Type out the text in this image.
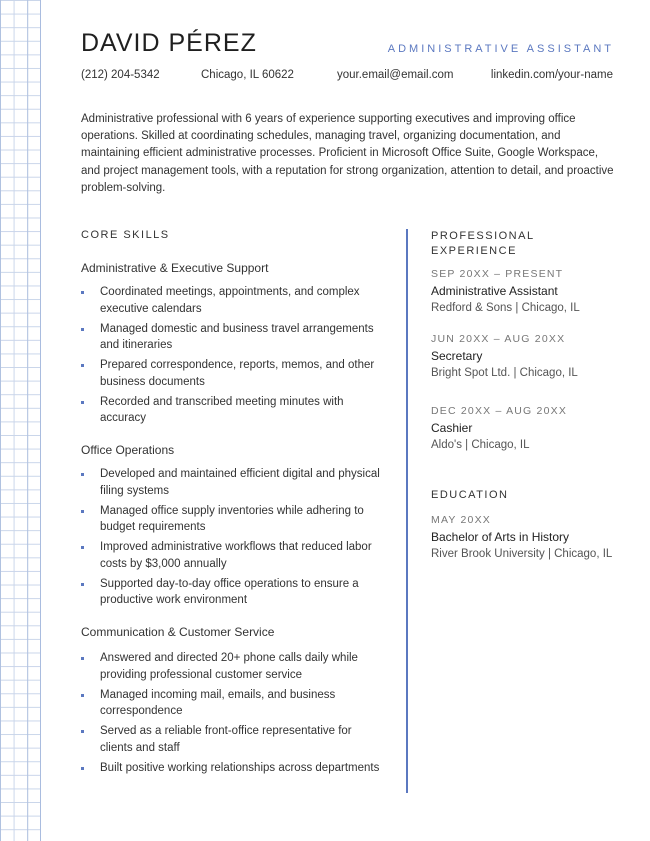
DAVID PÉREZ	ADMINISTRATIVE ASSISTANT
(212) 204-5342	Chicago, IL 60622	your.email@email.com	linkedin.com/your-name

Administrative professional with 6 years of experience supporting executives and improving office operations. Skilled at coordinating schedules, managing travel, organizing documentation, and maintaining efficient administrative processes. Proficient in Microsoft Office Suite, Google Workspace, and project management tools, with a reputation for strong organization, attention to detail, and proactive problem-solving.

CORE SKILLS
Administrative & Executive Support
Coordinated meetings, appointments, and complex executive calendars
Managed domestic and business travel arrangements and itineraries
Prepared correspondence, reports, memos, and other business documents
Recorded and transcribed meeting minutes with accuracy
Office Operations
Developed and maintained efficient digital and physical filing systems
Managed office supply inventories while adhering to budget requirements
Improved administrative workflows that reduced labor costs by $3,000 annually
Supported day-to-day office operations to ensure a productive work environment
Communication & Customer Service
Answered and directed 20+ phone calls daily while providing professional customer service
Managed incoming mail, emails, and business correspondence
Served as a reliable front-office representative for clients and staff
Built positive working relationships across departments
PROFESSIONAL
EXPERIENCE
SEP 20XX – PRESENT
Administrative Assistant
Redford & Sons | Chicago, IL
JUN 20XX – AUG 20XX
Secretary
Bright Spot Ltd. | Chicago, IL
DEC 20XX – AUG 20XX
Cashier
Aldo's | Chicago, IL
EDUCATION
MAY 20XX
Bachelor of Arts in History
River Brook University | Chicago, IL
